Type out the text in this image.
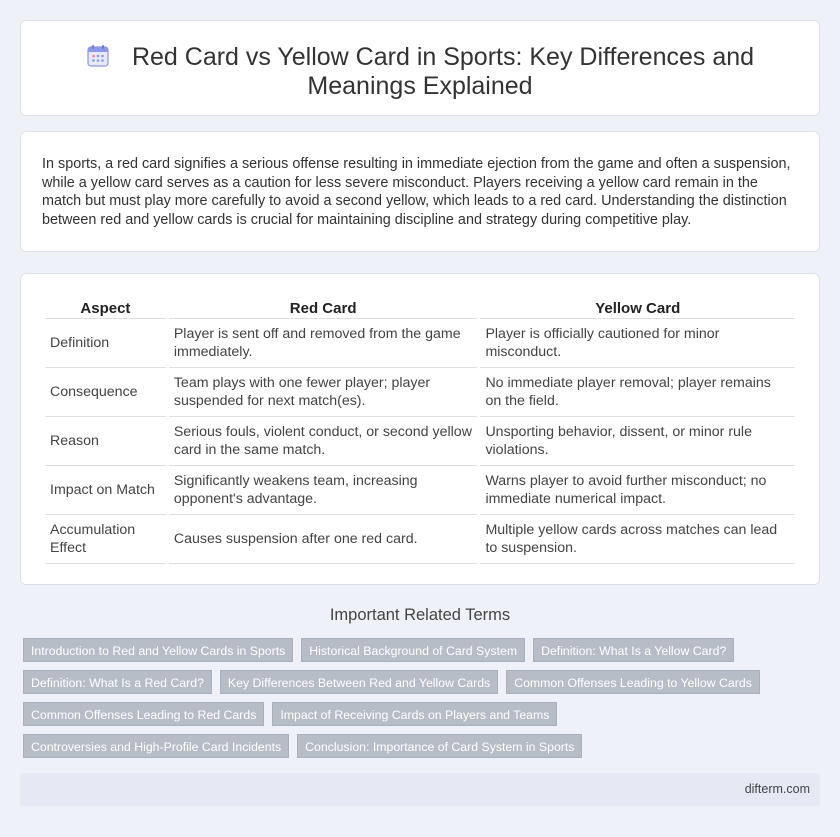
Red Card vs Yellow Card in Sports: Key Differences and Meanings Explained

In sports, a red card signifies a serious offense resulting in immediate ejection from the game and often a suspension, while a yellow card serves as a caution for less severe misconduct. Players receiving a yellow card remain in the match but must play more carefully to avoid a second yellow, which leads to a red card. Understanding the distinction between red and yellow cards is crucial for maintaining discipline and strategy during competitive play.

Aspect	Red Card	Yellow Card
Definition	Player is sent off and removed from the game immediately.	Player is officially cautioned for minor misconduct.
Consequence	Team plays with one fewer player; player suspended for next match(es).	No immediate player removal; player remains on the field.
Reason	Serious fouls, violent conduct, or second yellow card in the same match.	Unsporting behavior, dissent, or minor rule violations.
Impact on Match	Significantly weakens team, increasing opponent's advantage.	Warns player to avoid further misconduct; no immediate numerical impact.
Accumulation Effect	Causes suspension after one red card.	Multiple yellow cards across matches can lead to suspension.
Important Related Terms
Introduction to Red and Yellow Cards in Sports	Historical Background of Card System	Definition: What Is a Yellow Card?
Definition: What Is a Red Card?	Key Differences Between Red and Yellow Cards	Common Offenses Leading to Yellow Cards
Common Offenses Leading to Red Cards	Impact of Receiving Cards on Players and Teams
Controversies and High-Profile Card Incidents	Conclusion: Importance of Card System in Sports
difterm.com
